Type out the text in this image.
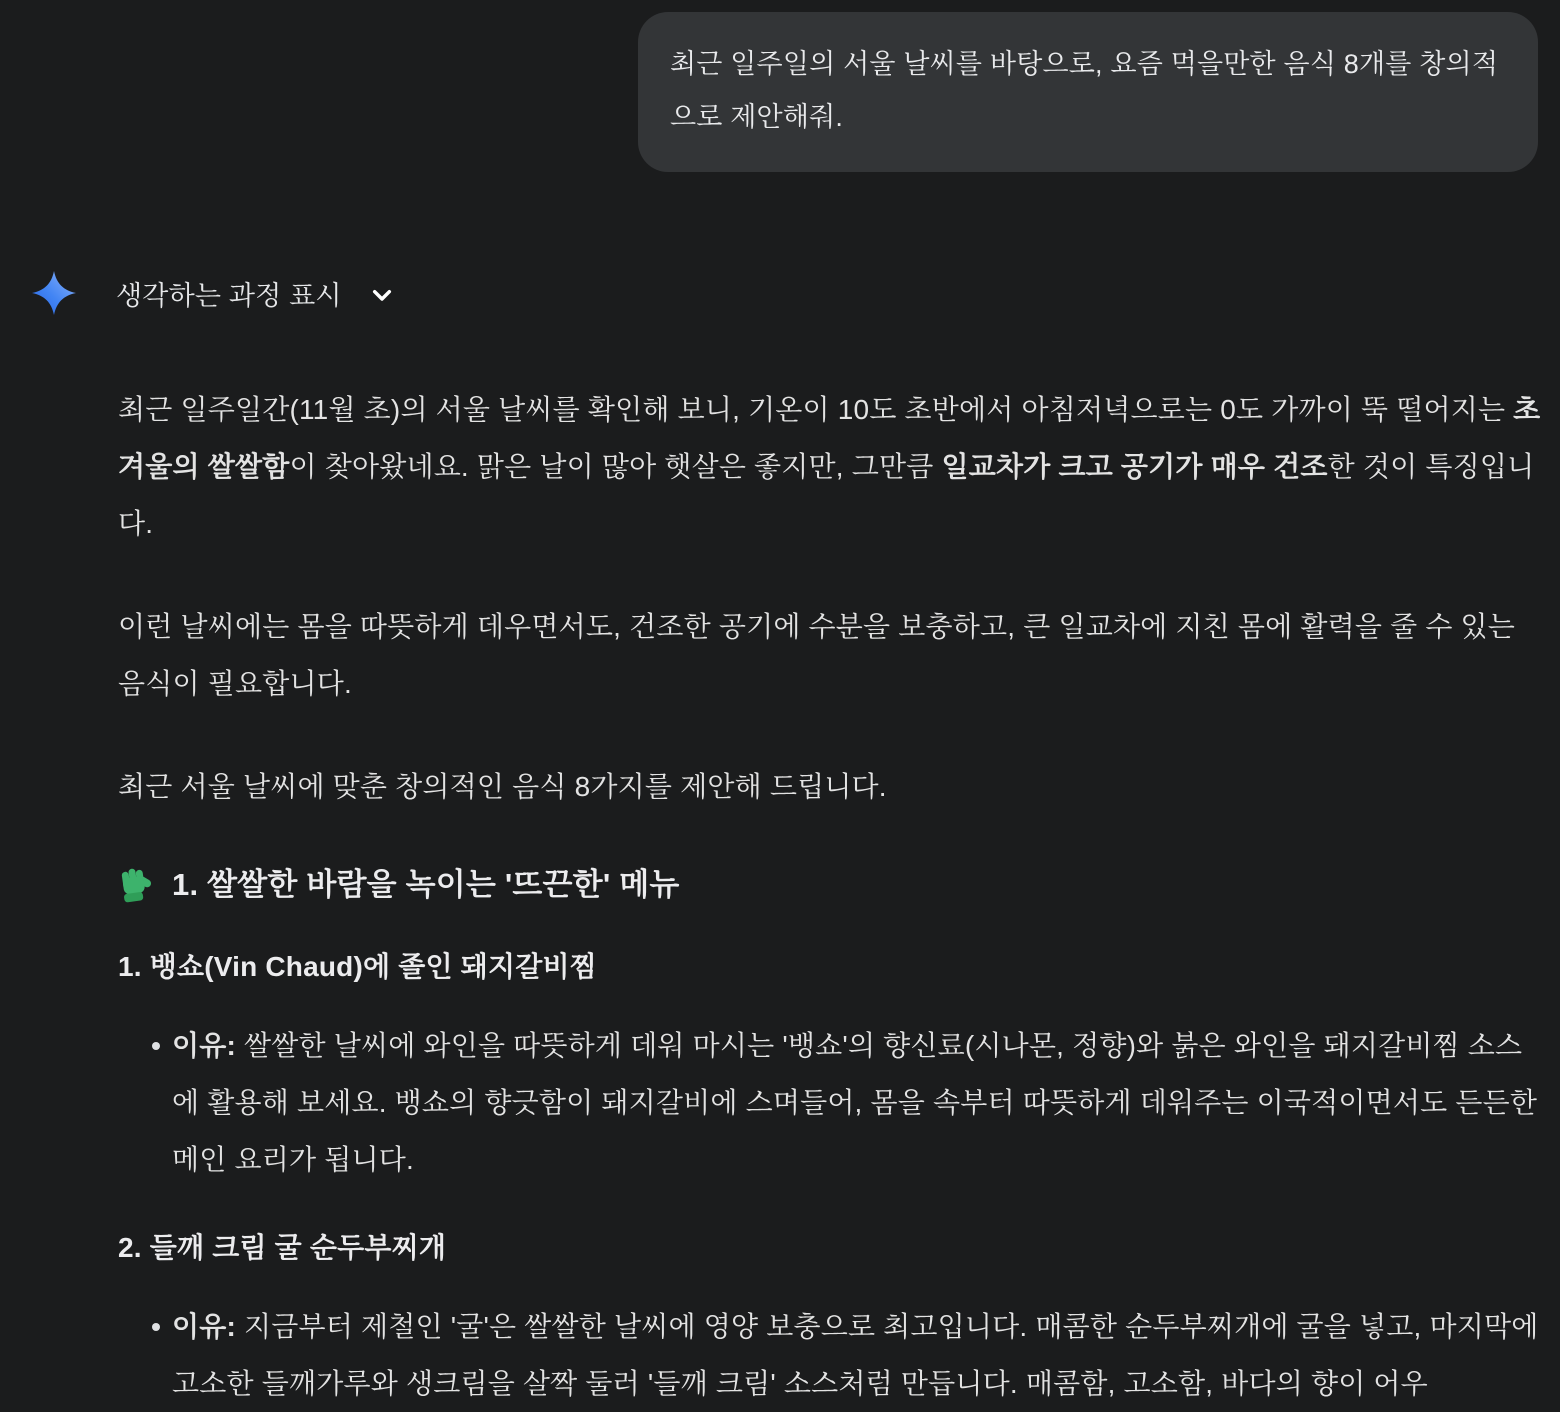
최근 일주일의 서울 날씨를 바탕으로, 요즘 먹을만한 음식 8개를 창의적으로 제안해줘.
생각하는 과정 표시

최근 일주일간(11월 초)의 서울 날씨를 확인해 보니, 기온이 10도 초반에서 아침저녁으로는 0도 가까이 뚝 떨어지는 초겨울의 쌀쌀함이 찾아왔네요. 맑은 날이 많아 햇살은 좋지만, 그만큼 일교차가 크고 공기가 매우 건조한 것이 특징입니다.

이런 날씨에는 몸을 따뜻하게 데우면서도, 건조한 공기에 수분을 보충하고, 큰 일교차에 지친 몸에 활력을 줄 수 있는 음식이 필요합니다.

최근 서울 날씨에 맞춘 창의적인 음식 8가지를 제안해 드립니다.

1. 쌀쌀한 바람을 녹이는 '뜨끈한' 메뉴
1. 뱅쇼(Vin Chaud)에 졸인 돼지갈비찜
이유: 쌀쌀한 날씨에 와인을 따뜻하게 데워 마시는 '뱅쇼'의 향신료(시나몬, 정향)와 붉은 와인을 돼지갈비찜 소스에 활용해 보세요. 뱅쇼의 향긋함이 돼지갈비에 스며들어, 몸을 속부터 따뜻하게 데워주는 이국적이면서도 든든한 메인 요리가 됩니다.
2. 들깨 크림 굴 순두부찌개
이유: 지금부터 제철인 '굴'은 쌀쌀한 날씨에 영양 보충으로 최고입니다. 매콤한 순두부찌개에 굴을 넣고, 마지막에 고소한 들깨가루와 생크림을 살짝 둘러 '들깨 크림' 소스처럼 만듭니다. 매콤함, 고소함, 바다의 향이 어우
